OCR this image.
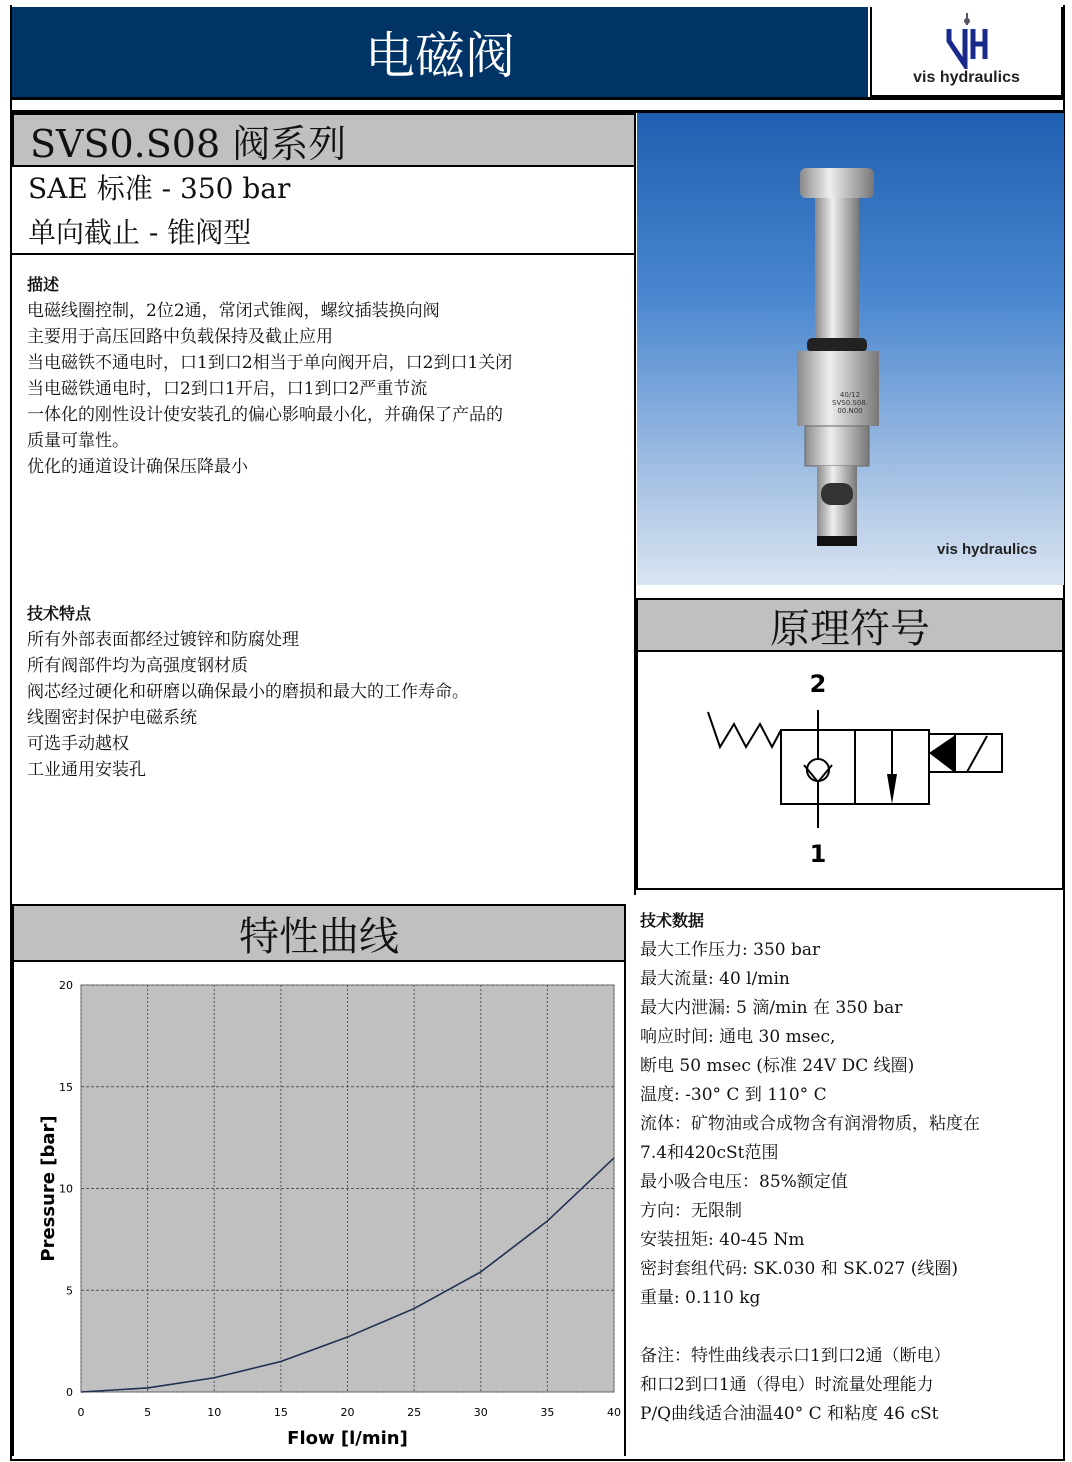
电磁阀	vis hydraulics
SVS0.S08 阀系列
SAE 标准 - 350 bar
单向截止 - 锥阀型
描述
电磁线圈控制，2位2通，常闭式锥阀，螺纹插装换向阀
主要用于高压回路中负载保持及截止应用
当电磁铁不通电时，口1到口2相当于单向阀开启，口2到口1关闭
当电磁铁通电时，口2到口1开启，口1到口2严重节流
一体化的刚性设计使安装孔的偏心影响最小化，并确保了产品的
质量可靠性。
优化的通道设计确保压降最小
技术特点
所有外部表面都经过镀锌和防腐处理
所有阀部件均为高强度钢材质
阀芯经过硬化和研磨以确保最小的磨损和最大的工作寿命。
线圈密封保护电磁系统
可选手动越权
工业通用安装孔
40/12
SVS0.S08.
00.N00
vis hydraulics
原理符号
2
1
特性曲线
0	5	10	15	20	25	30	35	40
0
5
10
15
20
Flow [l/min]
Pressure [bar]
技术数据
最大工作压力: 350 bar
最大流量: 40 l/min
最大内泄漏: 5 滴/min 在 350 bar
响应时间: 通电 30 msec,
断电 50 msec (标准 24V DC 线圈)
温度: -30° C 到 110° C
流体：矿物油或合成物含有润滑物质，粘度在
7.4和420cSt范围
最小吸合电压：85%额定值
方向：无限制
安装扭矩: 40-45 Nm
密封套组代码: SK.030 和 SK.027 (线圈)
重量: 0.110 kg
备注：特性曲线表示口1到口2通（断电）
和口2到口1通（得电）时流量处理能力
P/Q曲线适合油温40° C 和粘度 46 cSt
